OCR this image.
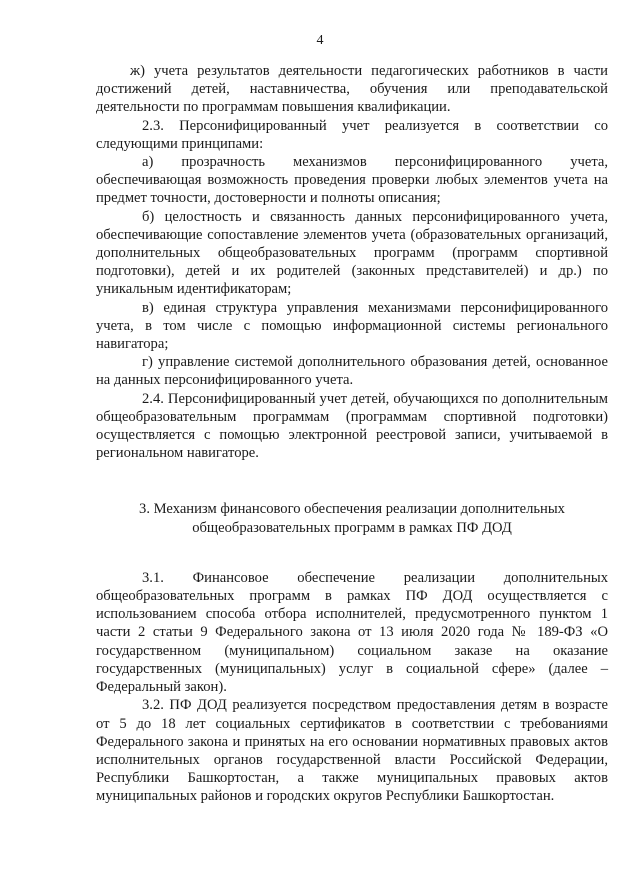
4

ж) учета результатов деятельности педагогических работников в части достижений детей, наставничества, обучения или преподавательской деятельности по программам повышения квалификации.

2.3. Персонифицированный учет реализуется в соответствии со следующими принципами:

а) прозрачность механизмов персонифицированного учета, обеспечивающая возможность проведения проверки любых элементов учета на предмет точности, достоверности и полноты описания;

б) целостность и связанность данных персонифицированного учета, обеспечивающие сопоставление элементов учета (образовательных организаций, дополнительных общеобразовательных программ (программ спортивной подготовки), детей и их родителей (законных представителей) и др.) по уникальным идентификаторам;

в) единая структура управления механизмами персонифицированного учета, в том числе с помощью информационной системы регионального навигатора;

г) управление системой дополнительного образования детей, основанное на данных персонифицированного учета.

2.4. Персонифицированный учет детей, обучающихся по дополнительным общеобразовательным программам (программам спортивной подготовки) осуществляется с помощью электронной реестровой записи, учитываемой в региональном навигаторе.

3. Механизм финансового обеспечения реализации дополнительных
общеобразовательных программ в рамках ПФ ДОД

3.1. Финансовое обеспечение реализации дополнительных общеобразовательных программ в рамках ПФ ДОД осуществляется с использованием способа отбора исполнителей, предусмотренного пунктом 1 части 2 статьи 9 Федерального закона от 13 июля 2020 года № 189-ФЗ «О государственном (муниципальном) социальном заказе на оказание государственных (муниципальных) услуг в социальной сфере» (далее – Федеральный закон).

3.2. ПФ ДОД реализуется посредством предоставления детям в возрасте от 5 до 18 лет социальных сертификатов в соответствии с требованиями Федерального закона и принятых на его основании нормативных правовых актов исполнительных органов государственной власти Российской Федерации, Республики Башкортостан, а также муниципальных правовых актов муниципальных районов и городских округов Республики Башкортостан.
